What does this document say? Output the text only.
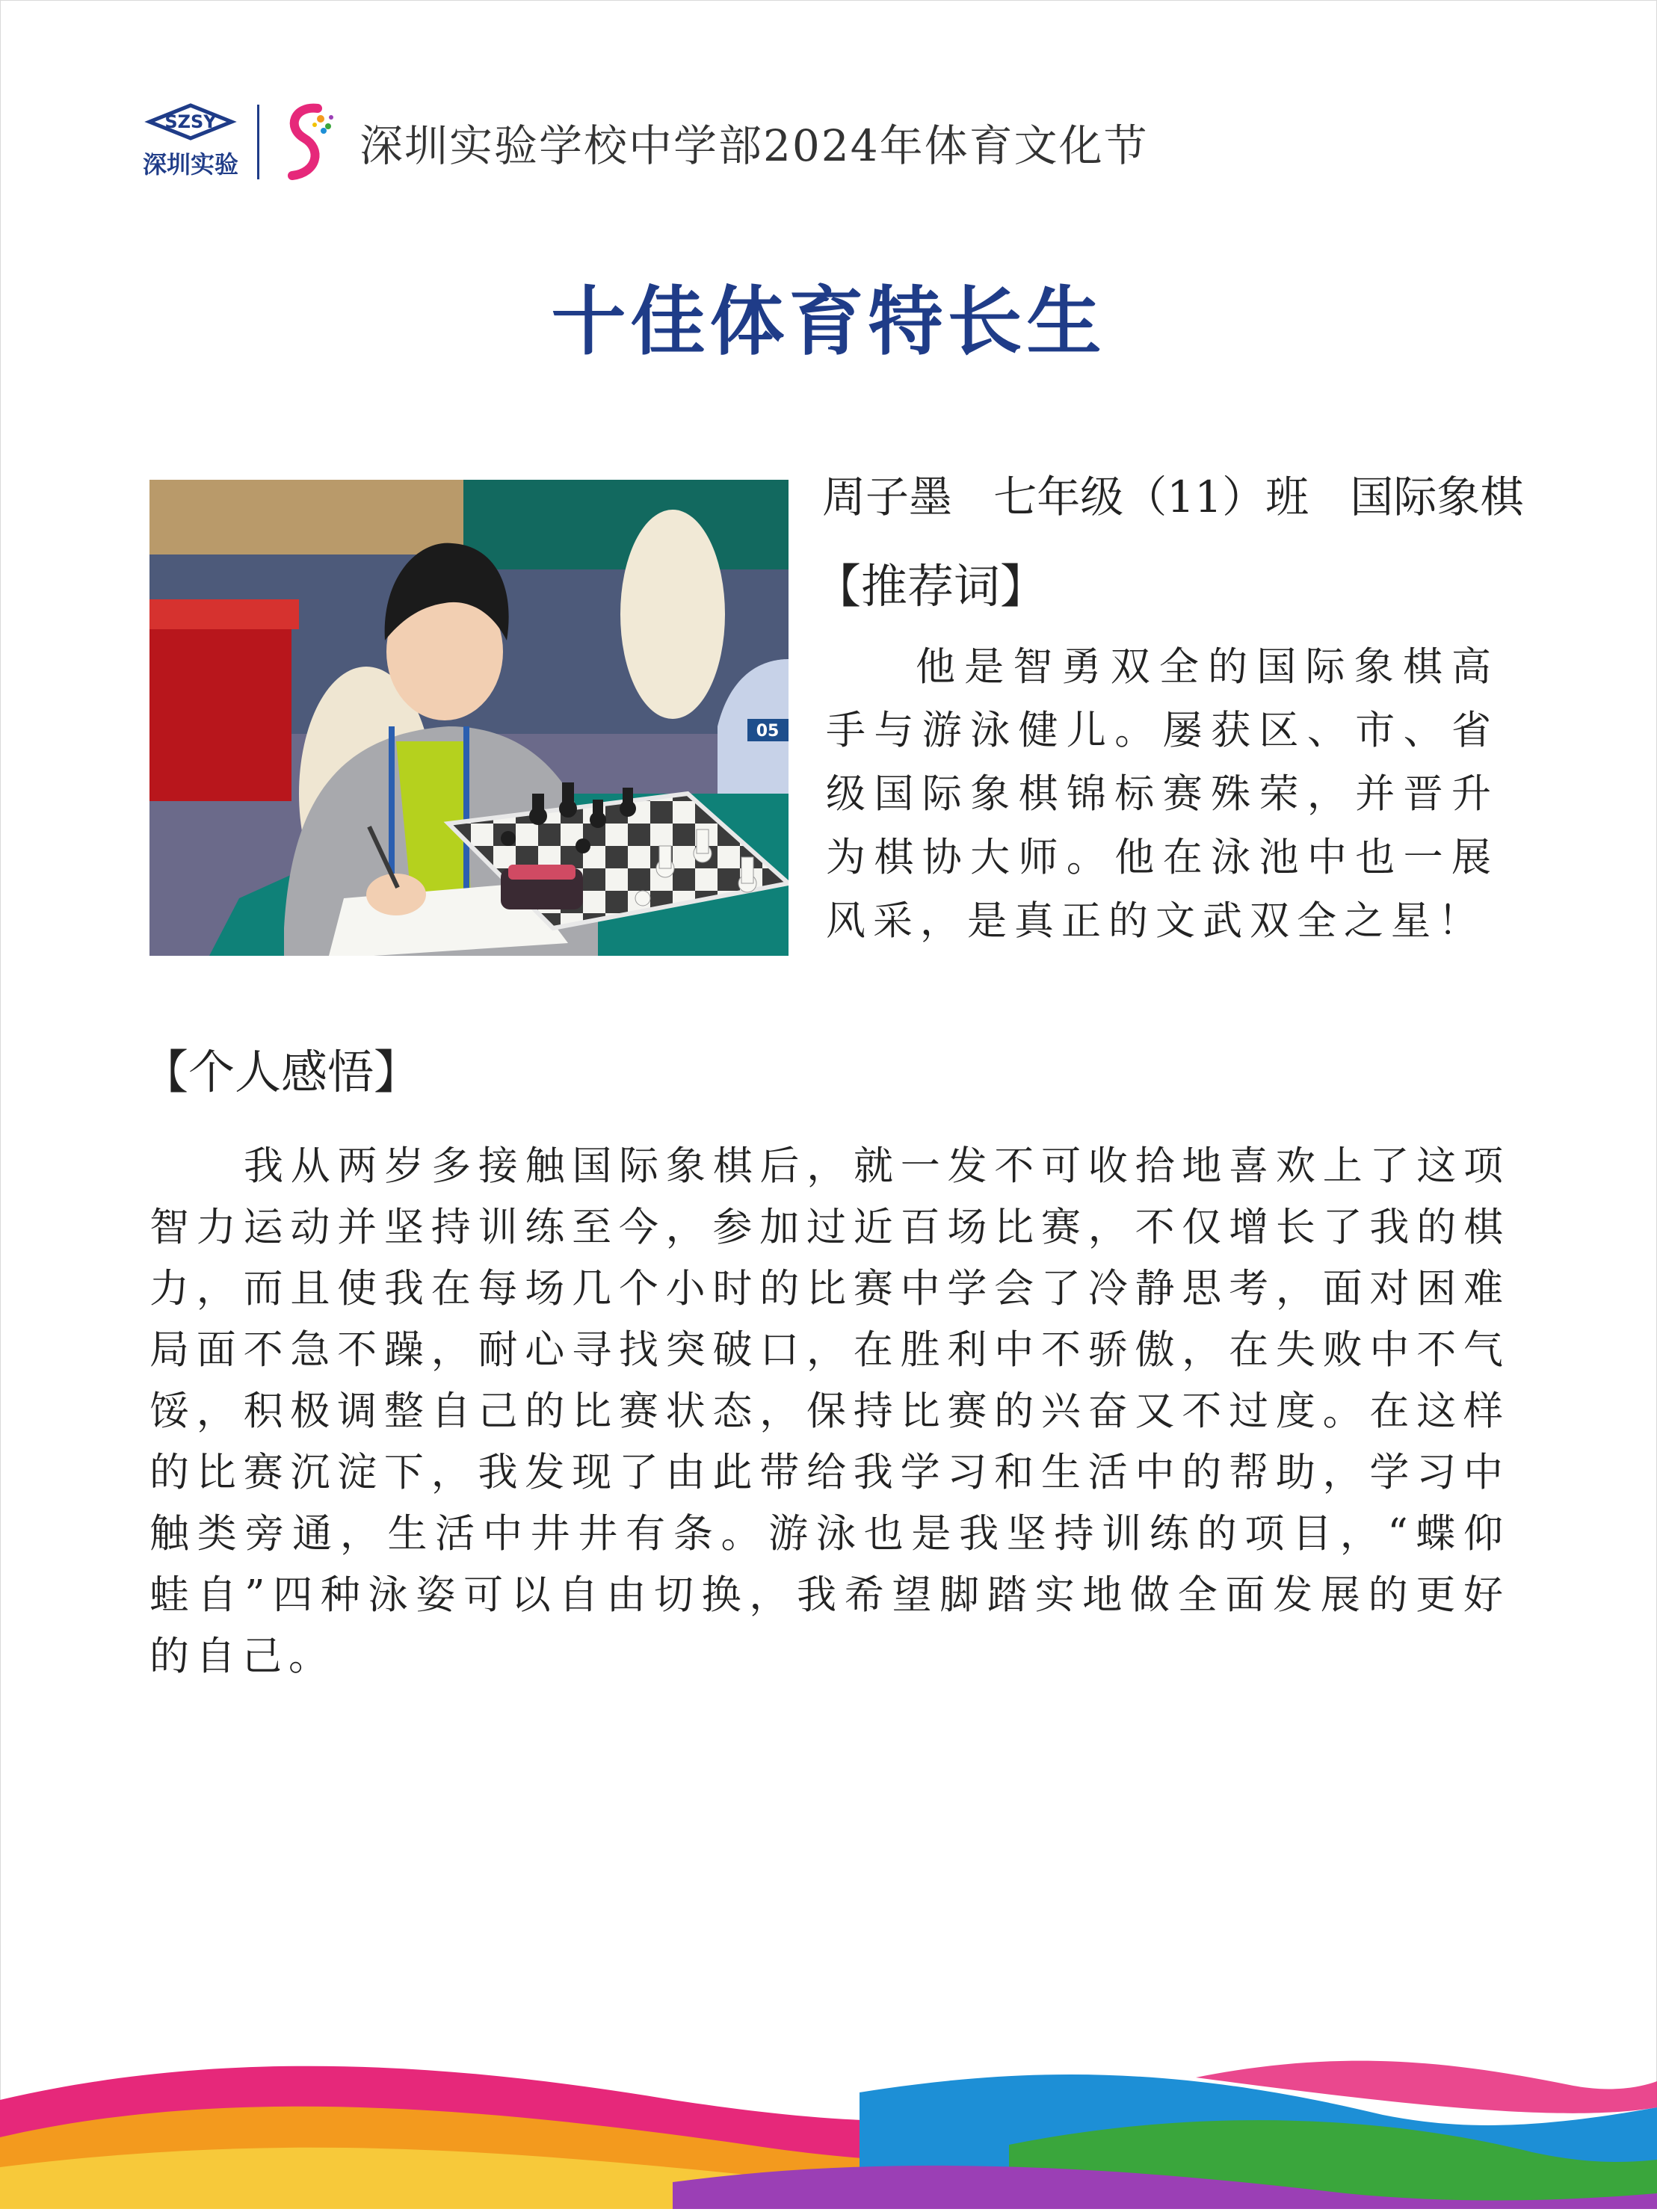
SZSY
深圳实验	深圳实验学校中学部2024年体育文化节
十佳体育特长生
05
周子墨   七年级（11）班   国际象棋
【推荐词】
他是智勇双全的国际象棋高手与游泳健儿。屡获区、市、省级国际象棋锦标赛殊荣，并晋升为棋协大师。他在泳池中也一展风采，是真正的文武双全之星！
【个人感悟】
我从两岁多接触国际象棋后，就一发不可收拾地喜欢上了这项智力运动并坚持训练至今，参加过近百场比赛，不仅增长了我的棋力，而且使我在每场几个小时的比赛中学会了冷静思考，面对困难局面不急不躁，耐心寻找突破口，在胜利中不骄傲，在失败中不气馁，积极调整自己的比赛状态，保持比赛的兴奋又不过度。在这样的比赛沉淀下，我发现了由此带给我学习和生活中的帮助，学习中触类旁通，生活中井井有条。游泳也是我坚持训练的项目，“蝶仰蛙自”四种泳姿可以自由切换，我希望脚踏实地做全面发展的更好的自己。
